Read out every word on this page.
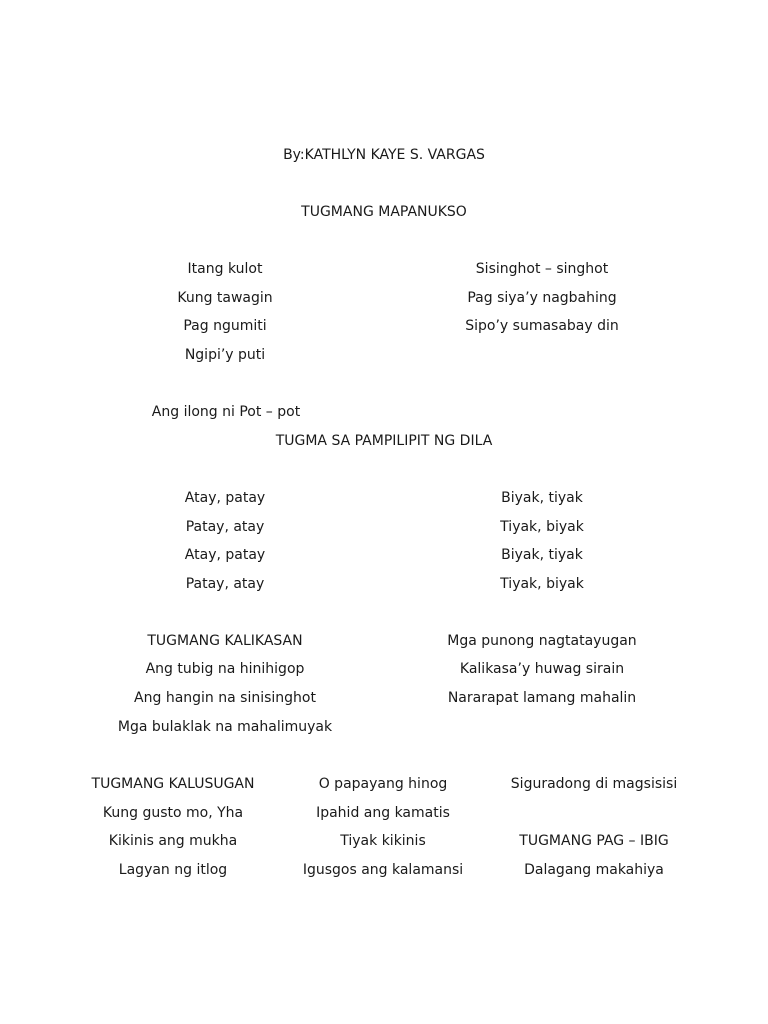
By:KATHLYN KAYE S. VARGAS
TUGMANG MAPANUKSO
Itang kulot
Kung tawagin
Pag ngumiti
Ngipi’y puti
Sisinghot – singhot
Pag siya’y nagbahing
Sipo’y sumasabay din
Ang ilong ni Pot – pot
TUGMA SA PAMPILIPIT NG DILA
Atay, patay
Patay, atay
Atay, patay
Patay, atay
Biyak, tiyak
Tiyak, biyak
Biyak, tiyak
Tiyak, biyak
TUGMANG KALIKASAN
Ang tubig na hinihigop
Ang hangin na sinisinghot
Mga bulaklak na mahalimuyak
Mga punong nagtatayugan
Kalikasa’y huwag sirain
Nararapat lamang mahalin
TUGMANG KALUSUGAN
Kung gusto mo, Yha
Kikinis ang mukha
Lagyan ng itlog
O papayang hinog
Ipahid ang kamatis
Tiyak kikinis
Igusgos ang kalamansi
Siguradong di magsisisi
TUGMANG PAG – IBIG
Dalagang makahiya
